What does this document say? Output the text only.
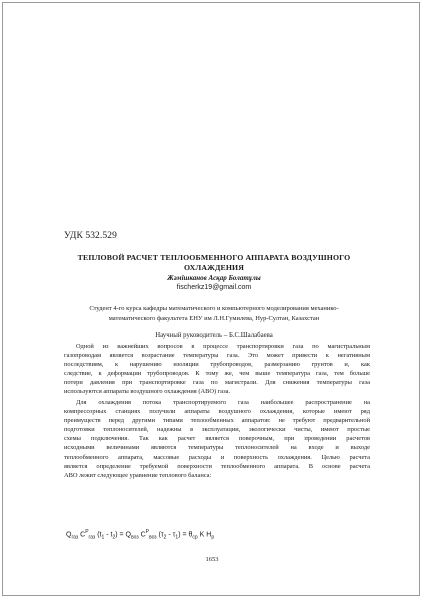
УДК 532.529
ТЕПЛОВОЙ РАСЧЕТ ТЕПЛООБМЕННОГО АППАРАТА ВОЗДУШНОГО
ОХЛАЖДЕНИЯ
Жәмішканов Асқар Болатұлы
fischerkz19@gmail.com
Студент 4-го курса кафедры математического и компьютерного моделирования механико-
математического факультета ЕНУ им Л.Н.Гумилева, Нур-Султан, Казахстан
Научный руководитель – Б.С.Шалабаева
Одной из важнейших вопросов в процессе транспортировки газа по магистральным
газопроводам является возрастание температуры газа. Это может привести к негативным
последствиям, к нарушению изоляции трубопроводов, размерзанию грунтов и, как
следствие, к деформации трубопроводов. К тому же, чем выше температура газа, тем больше
потери давления при транспортировке газа по магистрали. Для снижения температуры газа
используются аппараты воздушного охлаждения (АВО) газа.
Для охлаждения потока транспортируемого газа наибольшее распространение на
компрессорных станциях получили аппараты воздушного охлаждения, которые имеют ряд
преимуществ перед другими типами теплообменных аппаратов: не требуют предварительной
подготовки теплоносителей, надежны в эксплуатации, экологически чисты, имеют простые
схемы подключения. Так как расчет является поверочным, при проведении расчетов
исходными величинами являются температуры теплоносителей на входе и выходе
теплообменного аппарата, массовые расходы и поверхность охлаждения. Целью расчета
является определение требуемой поверхности теплообменного аппарата. В основе расчета
АВО лежит следующее уравнение теплового баланса:
$Q_{газ}$ $C^P_{газ}$ $(t_1 - t_2) = Q_{воз}$ $C^P_{воз}$ $(\tau_2 - \tau_1) = \theta_{ср}$ K $H_р$
1653
